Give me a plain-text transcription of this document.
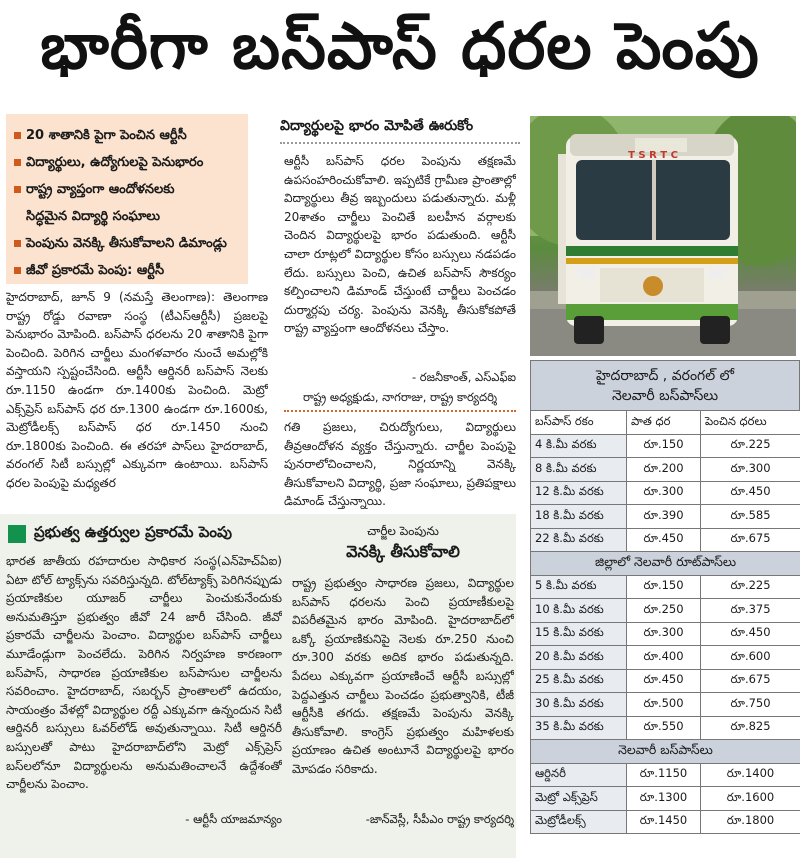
భారీగా బస్‌పాస్ ధరల పెంపు
20 శాతానికి పైగా పెంచిన ఆర్టీసీ
విద్యార్థులు, ఉద్యోగులపై పెనుభారం
రాష్ట్ర వ్యాప్తంగా ఆందోళనలకు
సిద్ధమైన విద్యార్థి సంఘాలు
పెంపును వెనక్కి తీసుకోవాలని డిమాండ్లు
జీవో ప్రకారమే పెంపు: ఆర్టీసీ
హైదరాబాద్, జూన్ 9 (నమస్తే తెలంగాణ): తెలంగాణ రాష్ట్ర రోడ్డు రవాణా సంస్థ (టీఎస్ఆర్టీసీ) ప్రజలపై పెనుభారం మోపింది. బస్‌పాస్ ధరలను 20 శాతానికి పైగా పెంచింది. పెరిగిన చార్జీలు మంగళవారం నుంచే అమల్లోకి వస్తాయని స్పష్టంచేసింది. ఆర్టీసీ ఆర్డినరీ బస్‌పాస్ నెలకు రూ.1150 ఉండగా రూ.1400కు పెంచింది. మెట్రో ఎక్స్‌ప్రెస్ బస్‌పాస్ ధర రూ.1300 ఉండగా రూ.1600కు, మెట్రోడీలక్స్ బస్‌పాస్ ధర రూ.1450 నుంచి రూ.1800కు పెంచింది. ఈ తరహా పాస్‌లు హైదరాబాద్, వరంగల్ సిటీ బస్సుల్లో ఎక్కువగా ఉంటాయి. బస్‌పాస్ ధరల పెంపుపై మధ్యతర
విద్యార్థులపై భారం మోపితే ఊరుకోం
ఆర్టీసీ బస్‌పాస్ ధరల పెంపును తక్షణమే ఉపసంహరించుకోవాలి. ఇప్పటికే గ్రామీణ ప్రాంతాల్లో విద్యార్థులు తీవ్ర ఇబ్బందులు పడుతున్నారు. మళ్లీ 20శాతం చార్జీలు పెంచితే బలహీన వర్గాలకు చెందిన విద్యార్థులపై భారం పడుతుంది. ఆర్టీసీ చాలా రూట్లలో విద్యార్థుల కోసం బస్సులు నడపడం లేదు. బస్సులు పెంచి, ఉచిత బస్‌పాస్ సౌకర్యం కల్పించాలని డిమాండ్ చేస్తుంటే చార్జీలు పెంచడం దుర్మార్గపు చర్య. పెంపును వెనక్కి తీసుకోకపోతే రాష్ట్ర వ్యాప్తంగా ఆందోళనలు చేస్తాం.
- రజనీకాంత్, ఎస్ఎఫ్ఐ
రాష్ట్ర అధ్యక్షుడు, నాగరాజు, రాష్ట్ర కార్యదర్శి
గతి ప్రజలు, చిరుద్యోగులు, విద్యార్థులు తీవ్రఆందోళన వ్యక్తం చేస్తున్నారు. చార్జీల పెంపుపై పునరాలోచించాలని, నిర్ణయాన్ని వెనక్కి తీసుకోవాలని విద్యార్థి, ప్రజా సంఘాలు, ప్రతిపక్షాలు డిమాండ్ చేస్తున్నాయి.
T S R T C
ప్రభుత్వ ఉత్తర్వుల ప్రకారమే పెంపు
భారత జాతీయ రహదారుల సాధికార సంస్థ(ఎన్‌హెచ్ఏఐ) ఏటా టోల్ ట్యాక్స్‌ను సవరిస్తున్నది. టోల్‌ట్యాక్స్ పెరిగినప్పుడు ప్రయాణికుల యూజర్ చార్జీలు పెంచుకునేందుకు అనుమతిస్తూ ప్రభుత్వం జీవో 24 జారీ చేసింది. జీవో ప్రకారమే చార్జీలను పెంచాం. విద్యార్థుల బస్‌పాస్ చార్జీలు మూడేండ్లుగా పెంచలేదు. పెరిగిన నిర్వహణ కారణంగా బస్‌పాస్, సాధారణ ప్రయాణికుల బస్‌పాసుల చార్జీలను సవరించాం. హైదరాబాద్, సబర్బన్ ప్రాంతాలలో ఉదయం, సాయంత్రం వేళల్లో విద్యార్థుల రద్దీ ఎక్కువగా ఉన్నందున సిటీ ఆర్డినరీ బస్సులు ఓవర్‌లోడ్ అవుతున్నాయి. సిటీ ఆర్డినరీ బస్సులతో పాటు హైదరాబాద్‌లోని మెట్రో ఎక్స్‌ప్రెస్ బస్‌లలోనూ విద్యార్థులను అనుమతించాలనే ఉద్దేశంతో చార్జీలను పెంచాం.
- ఆర్టీసీ యాజమాన్యం
చార్జీల పెంపును
వెనక్కి తీసుకోవాలి
రాష్ట్ర ప్రభుత్వం సాధారణ ప్రజలు, విద్యార్థుల బస్‌పాస్ ధరలను పెంచి ప్రయాణీకులపై విపరీతమైన భారం మోపింది. హైదరాబాద్‌లో ఒక్కో ప్రయాణికునిపై నెలకు రూ.250 నుంచి రూ.300 వరకు అదిక భారం పడుతున్నది. పేదలు ఎక్కువగా ప్రయాణించే ఆర్టీసీ బస్సుల్లో పెద్దఎత్తున చార్జీలు పెంచడం ప్రభుత్వానికి, టీజీ ఆర్టీసీకి తగదు. తక్షణమే పెంపును వెనక్కి తీసుకోవాలి. కాంగ్రెస్ ప్రభుత్వం మహిళలకు ప్రయాణం ఉచిత అంటూనే విద్యార్థులపై భారం మోపడం సరికాదు.
-జాన్‌వెస్లీ, సీపీఎం రాష్ట్ర కార్యదర్శి
హైదరాబాద్ , వరంగల్ లో
నెలవారీ బస్‌పాస్‌లు
బస్‌పాస్ రకం	పాత ధర	పెంచిన ధరలు
4 కి.మీ వరకు	రూ.150	రూ.225
8 కి.మీ వరకు	రూ.200	రూ.300
12 కి.మీ వరకు	రూ.300	రూ.450
18 కి.మీ వరకు	రూ.390	రూ.585
22 కి.మీ వరకు	రూ.450	రూ.675
జిల్లాలో నెలవారీ రూట్‌పాస్‌లు		
5 కి.మీ వరకు	రూ.150	రూ.225
10 కి.మీ వరకు	రూ.250	రూ.375
15 కి.మీ వరకు	రూ.300	రూ.450
20 కి.మీ వరకు	రూ.400	రూ.600
25 కి.మీ వరకు	రూ.450	రూ.675
30 కి.మీ వరకు	రూ.500	రూ.750
35 కి.మీ వరకు	రూ.550	రూ.825
నెలవారీ బస్‌పాస్‌లు		
ఆర్డినరీ	రూ.1150	రూ.1400
మెట్రో ఎక్స్‌ప్రెస్	రూ.1300	రూ.1600
మెట్రోడీలక్స్	రూ.1450	రూ.1800
